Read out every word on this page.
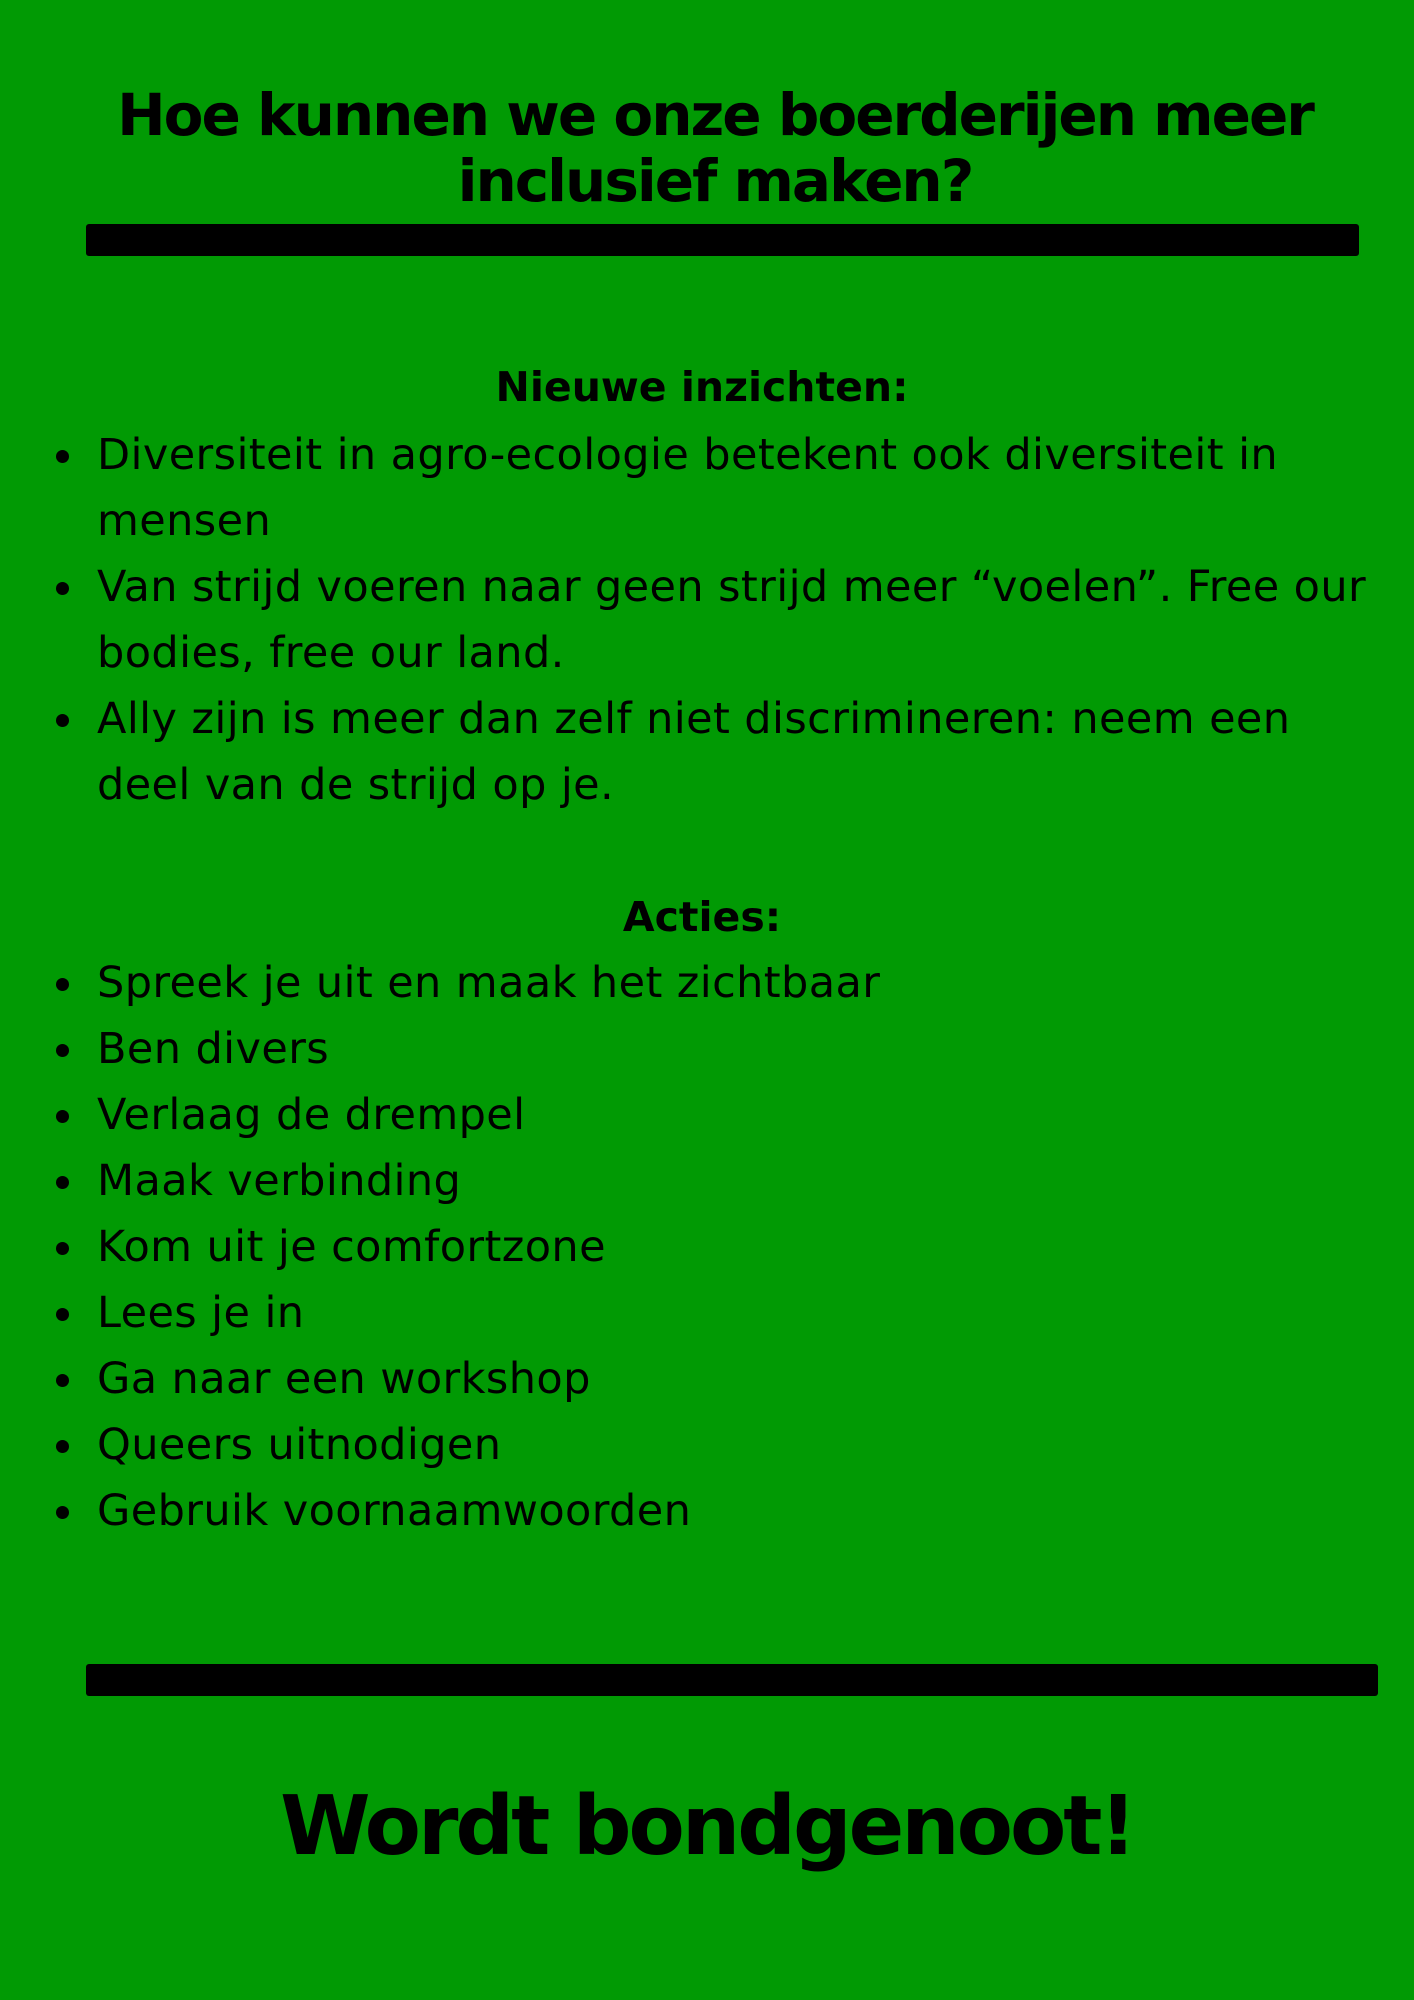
Hoe kunnen we onze boerderijen meer inclusief maken?
Nieuwe inzichten:
Diversiteit in agro-ecologie betekent ook diversiteit in mensen
Van strijd voeren naar geen strijd meer “voelen”. Free our bodies, free our land.
Ally zijn is meer dan zelf niet discrimineren: neem een deel van de strijd op je.
Acties:
Spreek je uit en maak het zichtbaar
Ben divers
Verlaag de drempel
Maak verbinding
Kom uit je comfortzone
Lees je in
Ga naar een workshop
Queers uitnodigen
Gebruik voornaamwoorden
Wordt bondgenoot!
